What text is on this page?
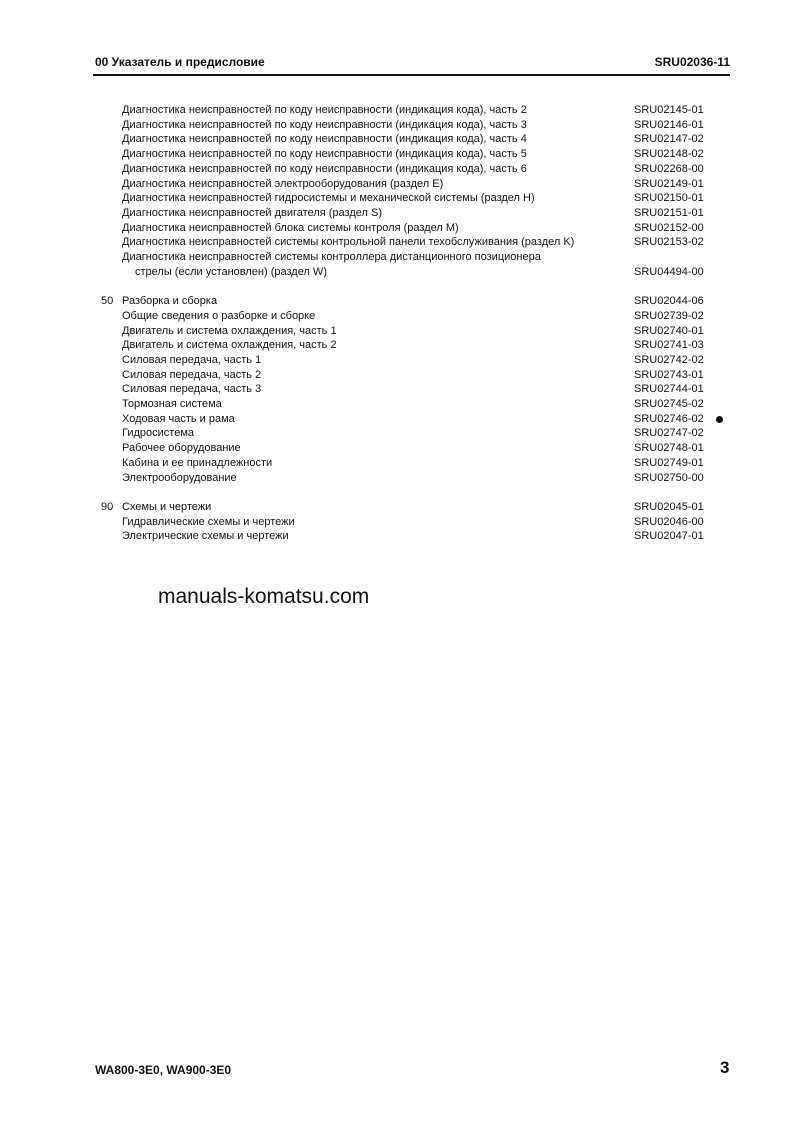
00 Указатель и предисловие	SRU02036-11
Диагностика неисправностей по коду неисправности (индикация кода), часть 2	SRU02145-01
Диагностика неисправностей по коду неисправности (индикация кода), часть 3	SRU02146-01
Диагностика неисправностей по коду неисправности (индикация кода), часть 4	SRU02147-02
Диагностика неисправностей по коду неисправности (индикация кода), часть 5	SRU02148-02
Диагностика неисправностей по коду неисправности (индикация кода), часть 6	SRU02268-00
Диагностика неисправностей электрооборудования (раздел E)	SRU02149-01
Диагностика неисправностей гидросистемы и механической системы (раздел H)	SRU02150-01
Диагностика неисправностей двигателя (раздел S)	SRU02151-01
Диагностика неисправностей блока системы контроля (раздел M)	SRU02152-00
Диагностика неисправностей системы контрольной панели техобслуживания (раздел K)	SRU02153-02
Диагностика неисправностей системы контроллера дистанционного позиционера
стрелы (если установлен) (раздел W)	SRU04494-00
50 Разборка и сборка	SRU02044-06
Общие сведения о разборке и сборке	SRU02739-02
Двигатель и система охлаждения, часть 1	SRU02740-01
Двигатель и система охлаждения, часть 2	SRU02741-03
Силовая передача, часть 1	SRU02742-02
Силовая передача, часть 2	SRU02743-01
Силовая передача, часть 3	SRU02744-01
Тормозная система	SRU02745-02
Ходовая часть и рама	SRU02746-02
Гидросистема	SRU02747-02
Рабочее оборудование	SRU02748-01
Кабина и ее принадлежности	SRU02749-01
Электрооборудование	SRU02750-00
90 Схемы и чертежи	SRU02045-01
Гидравлические схемы и чертежи	SRU02046-00
Электрические схемы и чертежи	SRU02047-01
manuals-komatsu.com
WA800-3E0, WA900-3E0	3
